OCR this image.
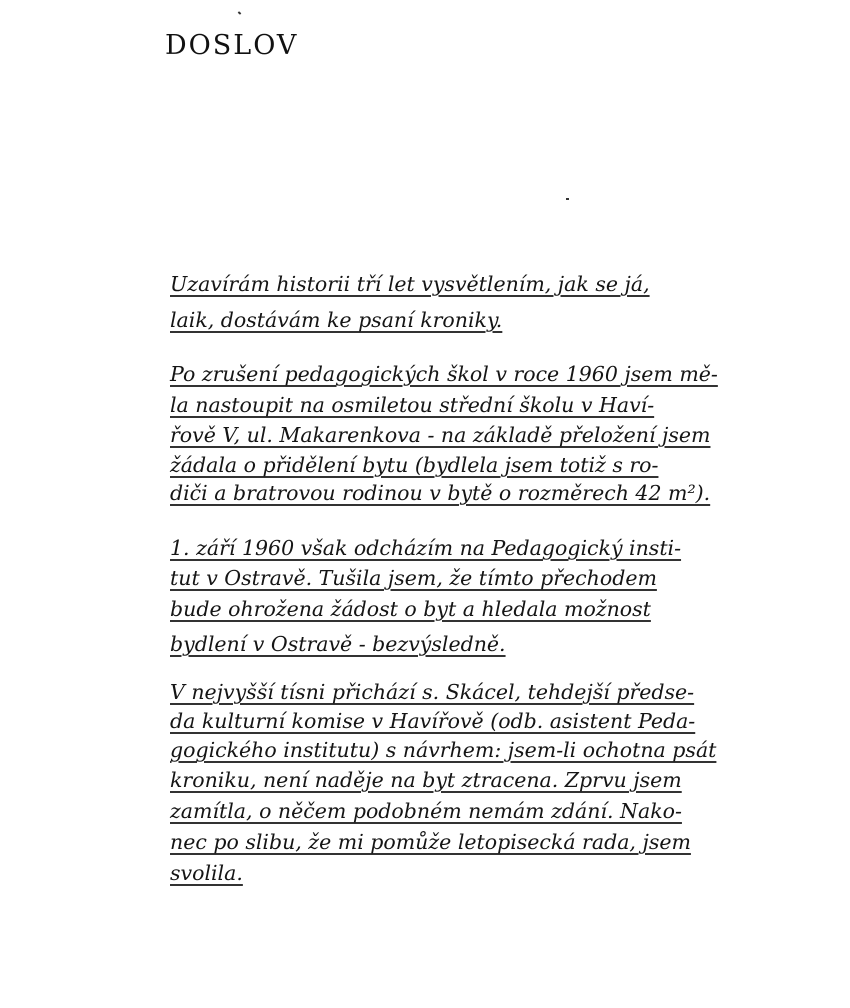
DOSLOV
Uzavírám historii tří let vysvětlením, jak se já,
laik, dostávám ke psaní kroniky.
Po zrušení pedagogických škol v roce 1960 jsem mě-
la nastoupit na osmiletou střední školu v Haví-
řově V, ul. Makarenkova - na základě přeložení jsem
žádala o přidělení bytu (bydlela jsem totiž s ro-
diči a bratrovou rodinou v bytě o rozměrech 42 m²).
1. září 1960 však odcházím na Pedagogický insti-
tut v Ostravě. Tušila jsem, že tímto přechodem
bude ohrožena žádost o byt a hledala možnost
bydlení v Ostravě - bezvýsledně.
V nejvyšší tísni přichází s. Skácel, tehdejší předse-
da kulturní komise v Havířově (odb. asistent Peda-
gogického institutu) s návrhem: jsem-li ochotna psát
kroniku, není naděje na byt ztracena. Zprvu jsem
zamítla, o něčem podobném nemám zdání. Nako-
nec po slibu, že mi pomůže letopisecká rada, jsem
svolila.
